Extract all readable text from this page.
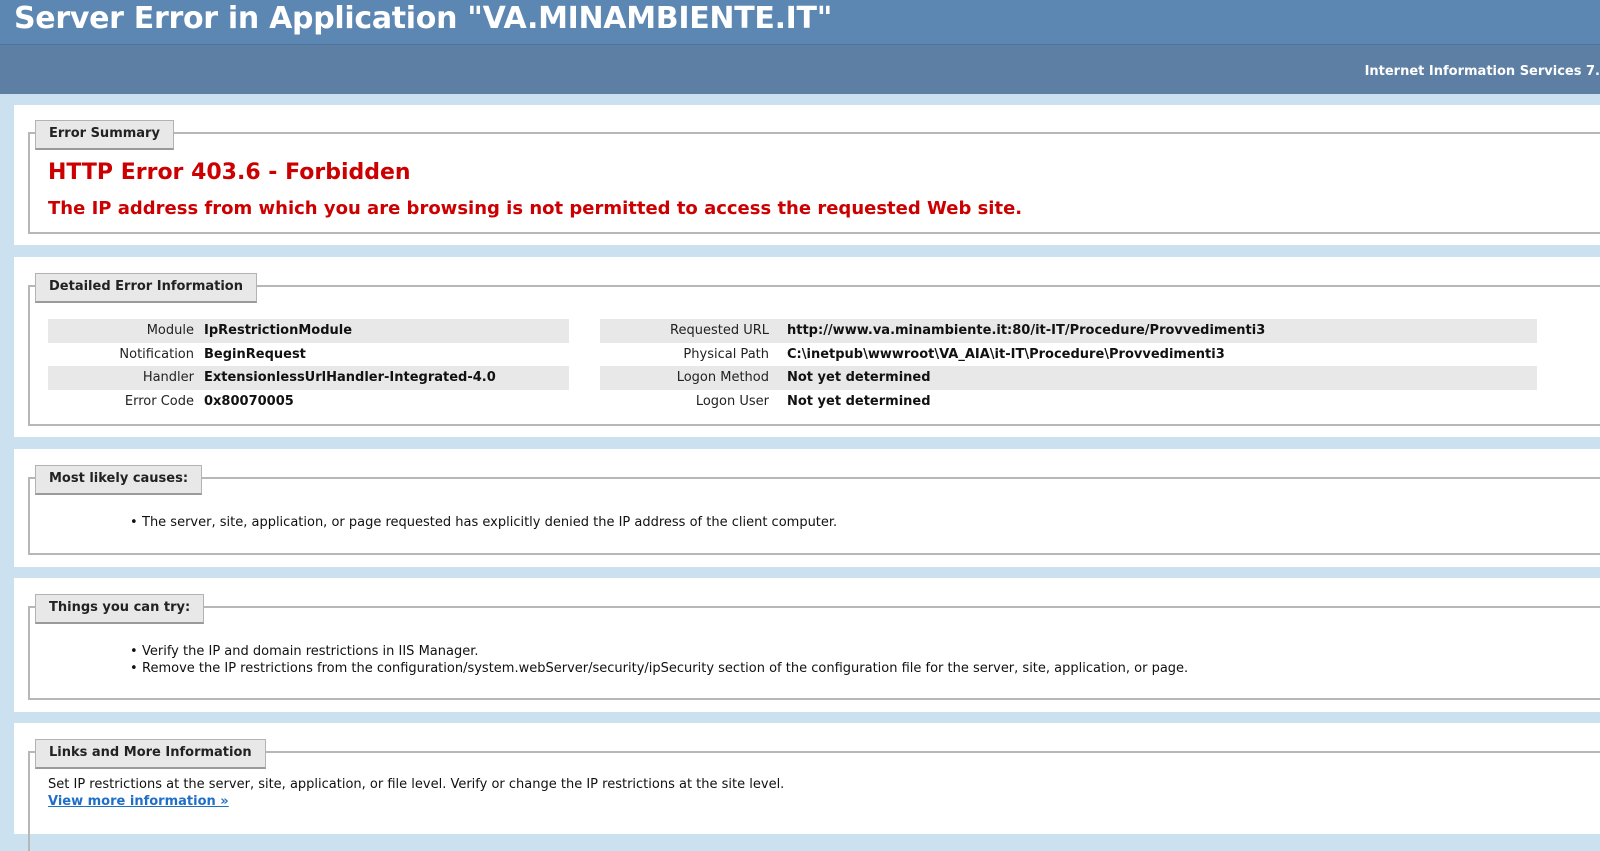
Server Error in Application "VA.MINAMBIENTE.IT"
Internet Information Services 7.
Error Summary
HTTP Error 403.6 - Forbidden
The IP address from which you are browsing is not permitted to access the requested Web site.
Detailed Error Information
Module IpRestrictionModule
Notification BeginRequest
Handler ExtensionlessUrlHandler-Integrated-4.0
Error Code 0x80070005
Requested URL http://www.va.minambiente.it:80/it-IT/Procedure/Provvedimenti3
Physical Path C:\inetpub\wwwroot\VA_AIA\it-IT\Procedure\Provvedimenti3
Logon Method Not yet determined
Logon User Not yet determined
Most likely causes:
• The server, site, application, or page requested has explicitly denied the IP address of the client computer.
Things you can try:
• Verify the IP and domain restrictions in IIS Manager.
• Remove the IP restrictions from the configuration/system.webServer/security/ipSecurity section of the configuration file for the server, site, application, or page.
Links and More Information
Set IP restrictions at the server, site, application, or file level. Verify or change the IP restrictions at the site level.
View more information »
